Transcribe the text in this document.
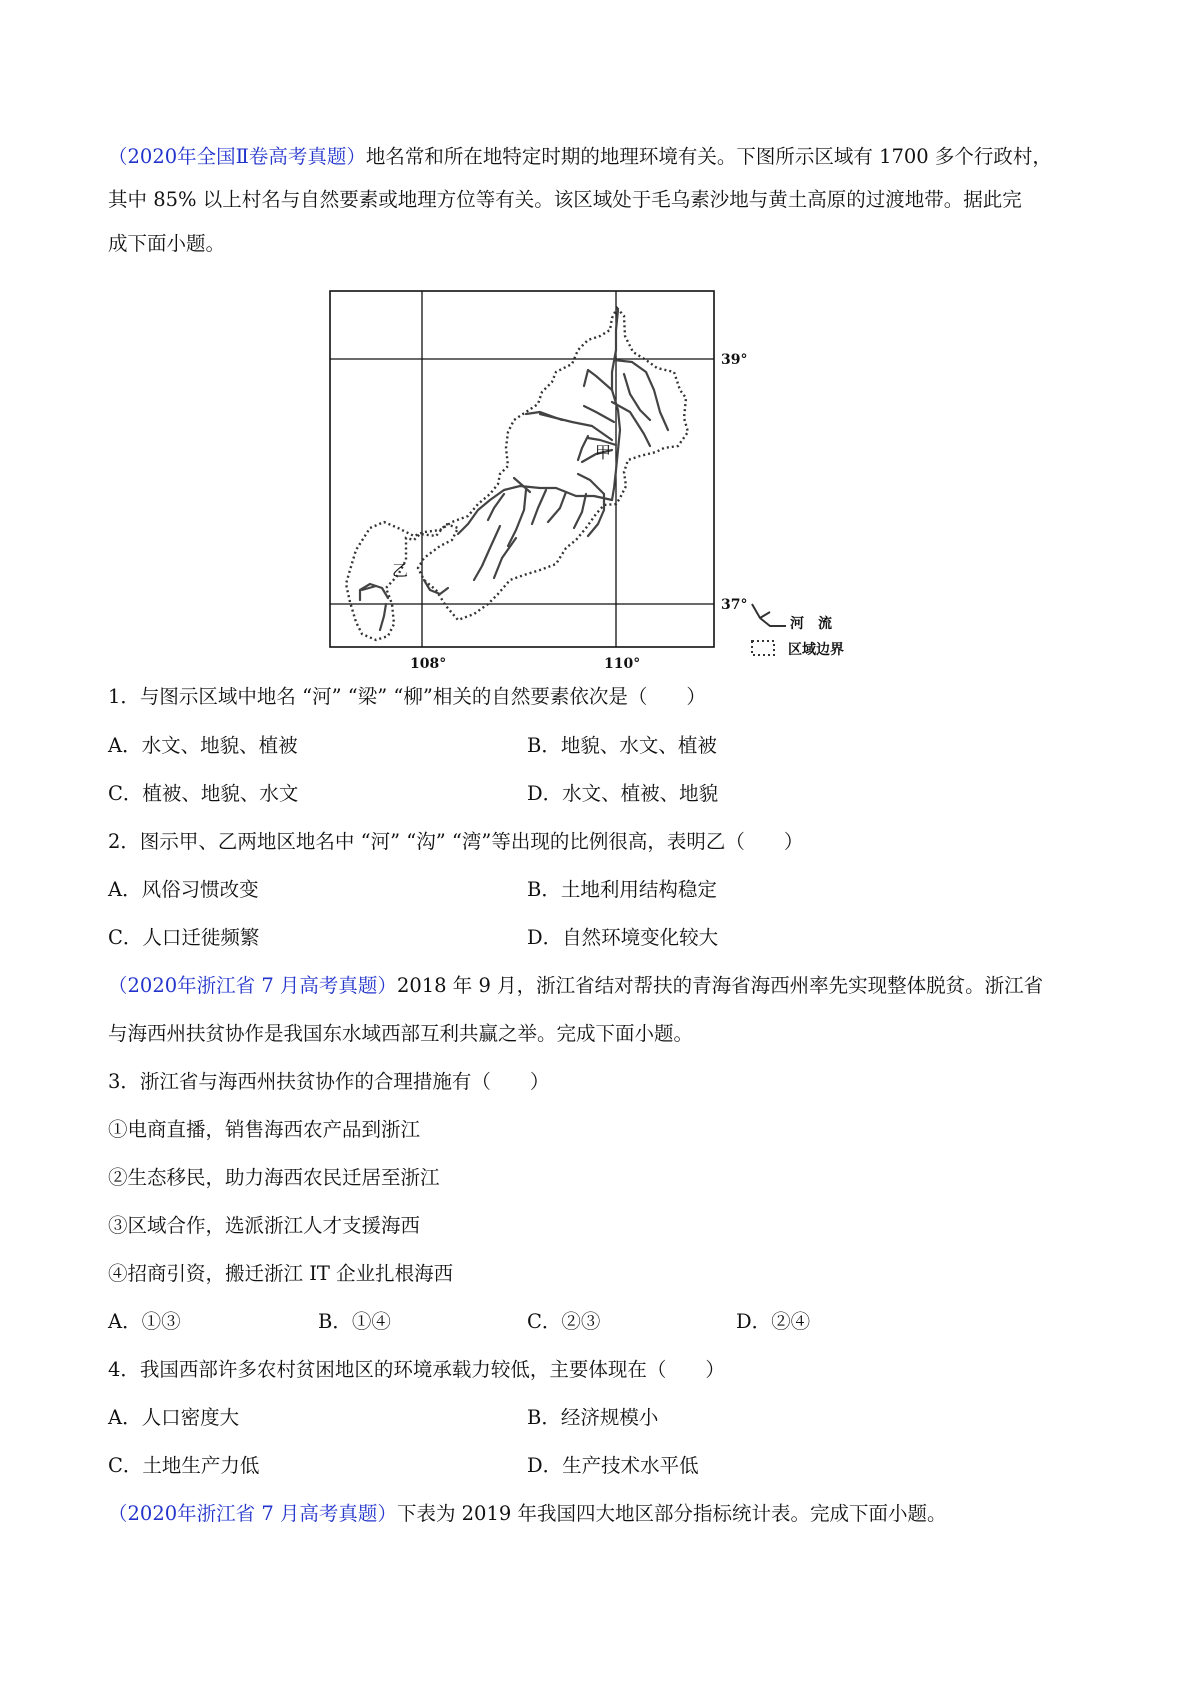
（2020年全国Ⅱ卷高考真题）地名常和所在地特定时期的地理环境有关。下图所示区域有 1700 多个行政村，
其中 85% 以上村名与自然要素或地理方位等有关。该区域处于毛乌素沙地与黄土高原的过渡地带。据此完
成下面小题。
甲
乙
39°
37°
108°	110°
河　流
区域边界
1．与图示区域中地名 “河” “梁” “柳”相关的自然要素依次是（　　）
A．水文、地貌、植被	B．地貌、水文、植被
C．植被、地貌、水文	D．水文、植被、地貌
2．图示甲、乙两地区地名中 “河” “沟” “湾”等出现的比例很高，表明乙（　　）
A．风俗习惯改变	B．土地利用结构稳定
C．人口迁徙频繁	D．自然环境变化较大
（2020年浙江省 7 月高考真题）2018 年 9 月，浙江省结对帮扶的青海省海西州率先实现整体脱贫。浙江省
与海西州扶贫协作是我国东水域西部互利共赢之举。完成下面小题。
3．浙江省与海西州扶贫协作的合理措施有（　　）
①电商直播，销售海西农产品到浙江
②生态移民，助力海西农民迁居至浙江
③区域合作，选派浙江人才支援海西
④招商引资，搬迁浙江 IT 企业扎根海西
A．①③	B．①④	C．②③	D．②④
4．我国西部许多农村贫困地区的环境承载力较低，主要体现在（　　）
A．人口密度大	B．经济规模小
C．土地生产力低	D．生产技术水平低
（2020年浙江省 7 月高考真题）下表为 2019 年我国四大地区部分指标统计表。完成下面小题。
